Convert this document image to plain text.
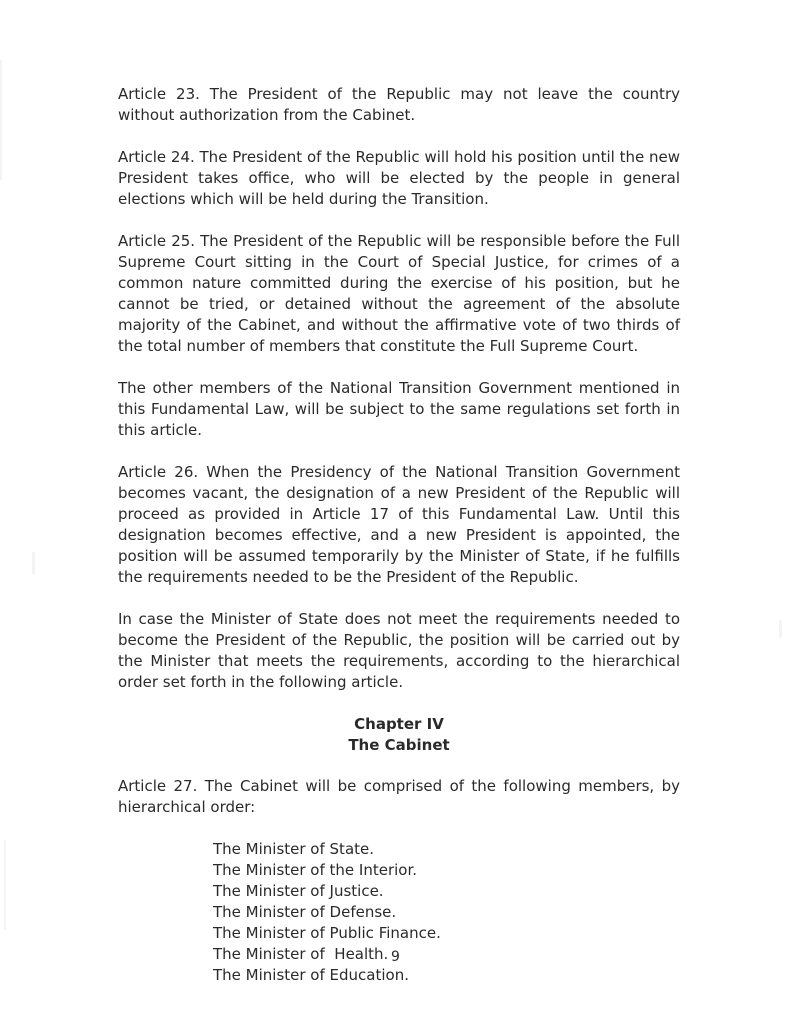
Article 23. The President of the Republic may not leave the country without authorization from the Cabinet.

Article 24. The President of the Republic will hold his position until the new President takes office, who will be elected by the people in general elections which will be held during the Transition.

Article 25. The President of the Republic will be responsible before the Full Supreme Court sitting in the Court of Special Justice, for crimes of a common nature committed during the exercise of his position, but he cannot be tried, or detained without the agreement of the absolute majority of the Cabinet, and without the affirmative vote of two thirds of the total number of members that constitute the Full Supreme Court.

The other members of the National Transition Government mentioned in this Fundamental Law, will be subject to the same regulations set forth in this article.

Article 26. When the Presidency of the National Transition Government becomes vacant, the designation of a new President of the Republic will proceed as provided in Article 17 of this Fundamental Law. Until this designation becomes effective, and a new President is appointed, the position will be assumed temporarily by the Minister of State, if he fulfills the requirements needed to be the President of the Republic.

In case the Minister of State does not meet the requirements needed to become the President of the Republic, the position will be carried out by the Minister that meets the requirements, according to the hierarchical order set forth in the following article.

Chapter IV
The Cabinet

Article 27. The Cabinet will be comprised of the following members, by hierarchical order:

The Minister of State.
The Minister of the Interior.
The Minister of Justice.
The Minister of Defense.
The Minister of Public Finance.
The Minister of  Health.
The Minister of Education.
9
